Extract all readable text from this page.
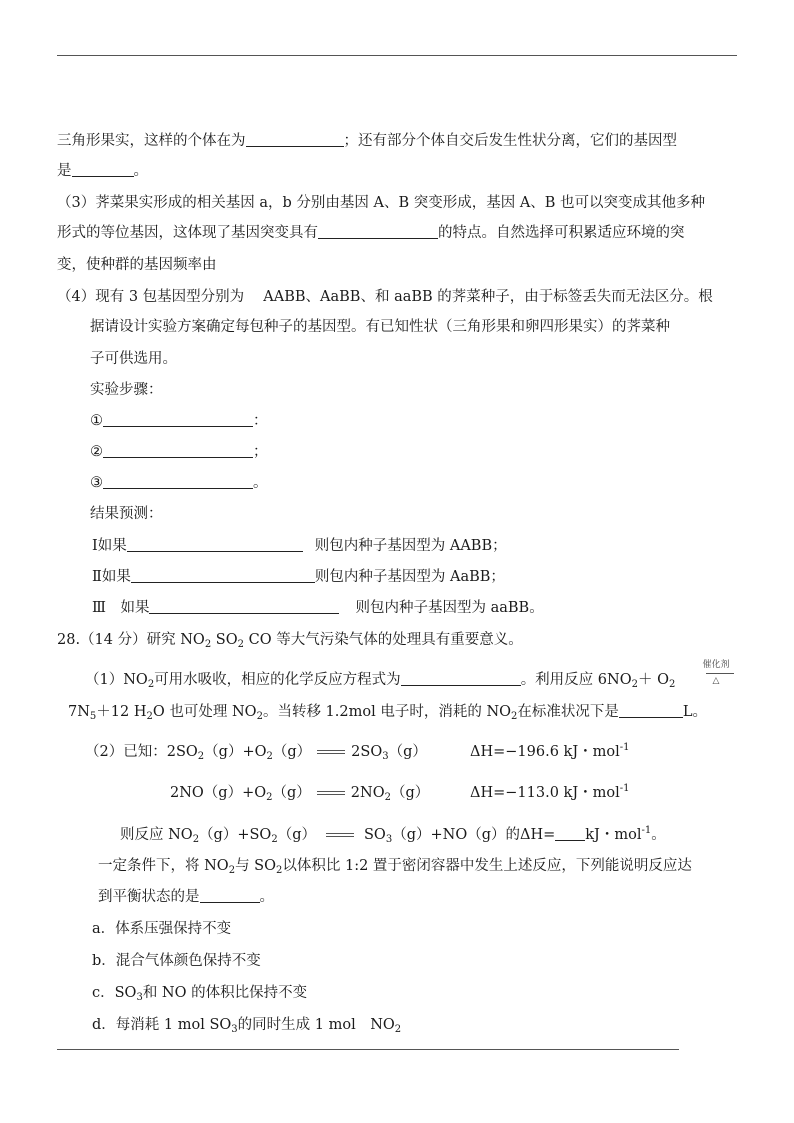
三角形果实，这样的个体在为	；还有部分个体自交后发生性状分离，它们的基因型
是	。
（3）荠菜果实形成的相关基因 a，b 分别由基因 A、B 突变形成，基因 A、B 也可以突变成其他多种
形式的等位基因，这体现了基因突变具有	的特点。自然选择可积累适应环境的突
变，使种群的基因频率由
（4）现有 3 包基因型分别为　 AABB、AaBB、和 aaBB 的荠菜种子，由于标签丢失而无法区分。根
据请设计实验方案确定每包种子的基因型。有已知性状（三角形果和卵四形果实）的荠菜种
子可供选用。
实验步骤：
①	：
②	；
③	。
结果预测：
Ⅰ如果	则包内种子基因型为 AABB；
Ⅱ如果	则包内种子基因型为 AaBB；
Ⅲ　如果	则包内种子基因型为 aaBB。
28.（14 分）研究 $NO_2$ $SO_2$ CO 等大气污染气体的处理具有重要意义。
$(1)NO_2$可用水吸收，相应的化学反应方程式为	。利用反应 $6NO_2+ O_2$
催化剂
△
$7N_5+12$ $H_2O$ 也可处理 $NO_2$。当转移 1.2mol 电子时，消耗的 $NO_2$在标准状况下是	L。
（2）已知：$2SO_2(g)+O_2(g)$	$2SO_3(g)$	ΔH=−196.6 kJ・mol$^{-1}$
$2NO(g)+O_2(g)$	$2NO_2(g)$	ΔH=−113.0 kJ・mol$^{-1}$
则反应 $NO_2(g)+SO_2(g)$	$SO_3(g)+NO(g)$的ΔH= kJ・mol$^{-1}$。
一定条件下，将 $NO_2$与 $SO_2$以体积比 1:2 置于密闭容器中发生上述反应，下列能说明反应达
到平衡状态的是	。
a．体系压强保持不变
b．混合气体颜色保持不变
c．$SO_3$和 NO 的体积比保持不变
d．每消耗 1 mol $SO_3$的同时生成 1 mol　$NO_2$
